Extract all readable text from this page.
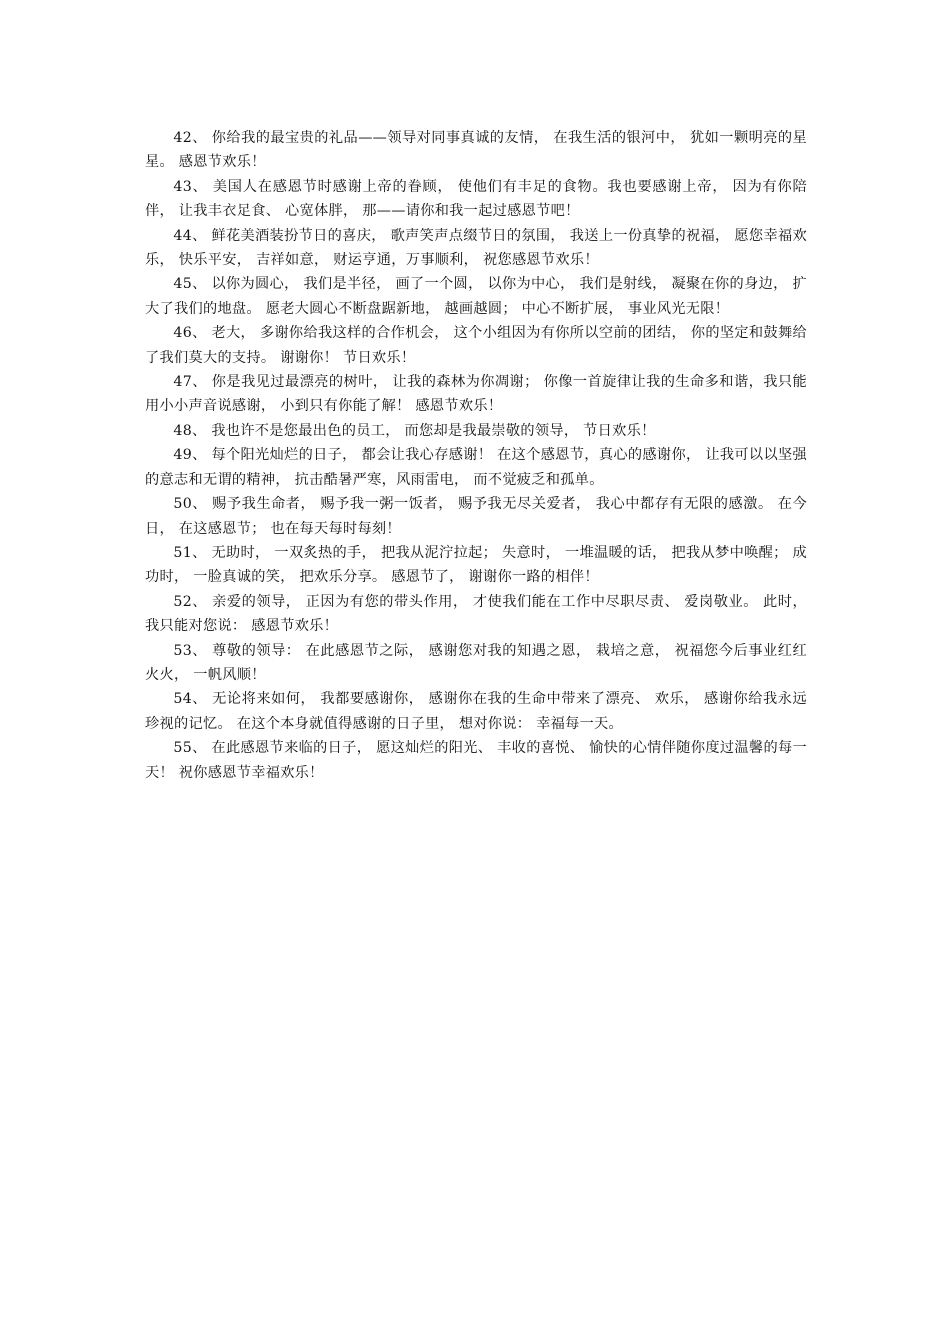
42、 你给我的最宝贵的礼品——领导对同事真诚的友情， 在我生活的银河中， 犹如一颗明亮的星星。 感恩节欢乐！

43、 美国人在感恩节时感谢上帝的眷顾， 使他们有丰足的食物。我也要感谢上帝， 因为有你陪伴， 让我丰衣足食、 心宽体胖， 那——请你和我一起过感恩节吧！

44、 鲜花美酒装扮节日的喜庆， 歌声笑声点缀节日的氛围， 我送上一份真挚的祝福， 愿您幸福欢乐， 快乐平安， 吉祥如意， 财运亨通，万事顺利， 祝您感恩节欢乐！

45、 以你为圆心， 我们是半径， 画了一个圆， 以你为中心， 我们是射线， 凝聚在你的身边， 扩大了我们的地盘。 愿老大圆心不断盘踞新地， 越画越圆； 中心不断扩展， 事业风光无限！

46、 老大， 多谢你给我这样的合作机会， 这个小组因为有你所以空前的团结， 你的坚定和鼓舞给了我们莫大的支持。 谢谢你！ 节日欢乐！

47、 你是我见过最漂亮的树叶， 让我的森林为你凋谢； 你像一首旋律让我的生命多和谐，我只能用小小声音说感谢， 小到只有你能了解！ 感恩节欢乐！

48、 我也许不是您最出色的员工， 而您却是我最崇敬的领导， 节日欢乐！

49、 每个阳光灿烂的日子， 都会让我心存感谢！ 在这个感恩节，真心的感谢你， 让我可以以坚强的意志和无谓的精神， 抗击酷暑严寒，风雨雷电， 而不觉疲乏和孤单。

50、 赐予我生命者， 赐予我一粥一饭者， 赐予我无尽关爱者， 我心中都存有无限的感激。 在今日， 在这感恩节； 也在每天每时每刻！

51、 无助时， 一双炙热的手， 把我从泥泞拉起； 失意时， 一堆温暖的话， 把我从梦中唤醒； 成功时， 一脸真诚的笑， 把欢乐分享。 感恩节了， 谢谢你一路的相伴！

52、 亲爱的领导， 正因为有您的带头作用， 才使我们能在工作中尽职尽责、 爱岗敬业。 此时， 我只能对您说： 感恩节欢乐！

53、 尊敬的领导： 在此感恩节之际， 感谢您对我的知遇之恩， 栽培之意， 祝福您今后事业红红火火， 一帆风顺！

54、 无论将来如何， 我都要感谢你， 感谢你在我的生命中带来了漂亮、 欢乐， 感谢你给我永远珍视的记忆。 在这个本身就值得感谢的日子里， 想对你说： 幸福每一天。

55、 在此感恩节来临的日子， 愿这灿烂的阳光、 丰收的喜悦、 愉快的心情伴随你度过温馨的每一天！ 祝你感恩节幸福欢乐！
